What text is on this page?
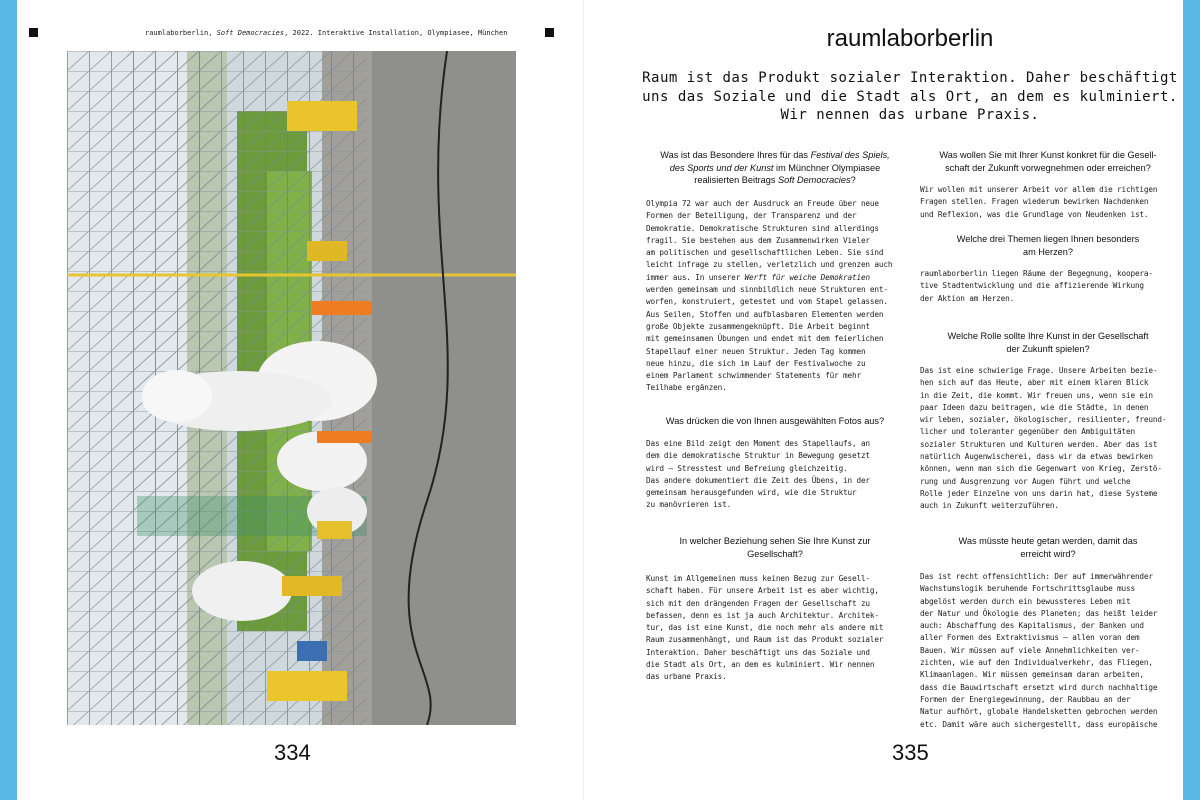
raumlaborberlin, Soft Democracies, 2022. Interaktive Installation, Olympiasee, München
334	335
raumlaborberlin
Raum ist das Produkt sozialer Interaktion. Daher beschäftigt
uns das Soziale und die Stadt als Ort, an dem es kulminiert.
Wir nennen das urbane Praxis.
Was ist das Besondere Ihres für das Festival des Spiels,
des Sports und der Kunst im Münchner Olympiasee
realisierten Beitrags Soft Democracies?
Olympia 72 war auch der Ausdruck an Freude über neue
Formen der Beteiligung, der Transparenz und der
Demokratie. Demokratische Strukturen sind allerdings
fragil. Sie bestehen aus dem Zusammenwirken Vieler
am politischen und gesellschaftlichen Leben. Sie sind
leicht infrage zu stellen, verletzlich und grenzen auch
immer aus. In unserer Werft für weiche Demokratien
werden gemeinsam und sinnbildlich neue Strukturen ent-
worfen, konstruiert, getestet und vom Stapel gelassen.
Aus Seilen, Stoffen und aufblasbaren Elementen werden
große Objekte zusammengeknüpft. Die Arbeit beginnt
mit gemeinsamen Übungen und endet mit dem feierlichen
Stapellauf einer neuen Struktur. Jeden Tag kommen
neue hinzu, die sich im Lauf der Festivalwoche zu
einem Parlament schwimmender Statements für mehr
Teilhabe ergänzen.
Was drücken die von Ihnen ausgewählten Fotos aus?
Das eine Bild zeigt den Moment des Stapellaufs, an
dem die demokratische Struktur in Bewegung gesetzt
wird – Stresstest und Befreiung gleichzeitig.
Das andere dokumentiert die Zeit des Übens, in der
gemeinsam herausgefunden wird, wie die Struktur
zu manövrieren ist.
In welcher Beziehung sehen Sie Ihre Kunst zur
Gesellschaft?
Kunst im Allgemeinen muss keinen Bezug zur Gesell-
schaft haben. Für unsere Arbeit ist es aber wichtig,
sich mit den drängenden Fragen der Gesellschaft zu
befassen, denn es ist ja auch Architektur. Architek-
tur, das ist eine Kunst, die noch mehr als andere mit
Raum zusammenhängt, und Raum ist das Produkt sozialer
Interaktion. Daher beschäftigt uns das Soziale und
die Stadt als Ort, an dem es kulminiert. Wir nennen
das urbane Praxis.
Was wollen Sie mit Ihrer Kunst konkret für die Gesell-
schaft der Zukunft vorwegnehmen oder erreichen?
Wir wollen mit unserer Arbeit vor allem die richtigen
Fragen stellen. Fragen wiederum bewirken Nachdenken
und Reflexion, was die Grundlage von Neudenken ist.
Welche drei Themen liegen Ihnen besonders
am Herzen?
raumlaborberlin liegen Räume der Begegnung, koopera-
tive Stadtentwicklung und die affizierende Wirkung
der Aktion am Herzen.
Welche Rolle sollte Ihre Kunst in der Gesellschaft
der Zukunft spielen?
Das ist eine schwierige Frage. Unsere Arbeiten bezie-
hen sich auf das Heute, aber mit einem klaren Blick
in die Zeit, die kommt. Wir freuen uns, wenn sie ein
paar Ideen dazu beitragen, wie die Städte, in denen
wir leben, sozialer, ökologischer, resilienter, freund-
licher und toleranter gegenüber den Ambiguitäten
sozialer Strukturen und Kulturen werden. Aber das ist
natürlich Augenwischerei, dass wir da etwas bewirken
können, wenn man sich die Gegenwart von Krieg, Zerstö-
rung und Ausgrenzung vor Augen führt und welche
Rolle jeder Einzelne von uns darin hat, diese Systeme
auch in Zukunft weiterzuführen.
Was müsste heute getan werden, damit das
erreicht wird?
Das ist recht offensichtlich: Der auf immerwährender
Wachstumslogik beruhende Fortschrittsglaube muss
abgelöst werden durch ein bewussteres Leben mit
der Natur und Ökologie des Planeten; das heißt leider
auch: Abschaffung des Kapitalismus, der Banken und
aller Formen des Extraktivismus – allen voran dem
Bauen. Wir müssen auf viele Annehmlichkeiten ver-
zichten, wie auf den Individualverkehr, das Fliegen,
Klimaanlagen. Wir müssen gemeinsam daran arbeiten,
dass die Bauwirtschaft ersetzt wird durch nachhaltige
Formen der Energiegewinnung, der Raubbau an der
Natur aufhört, globale Handelsketten gebrochen werden
etc. Damit wäre auch sichergestellt, dass europäische
